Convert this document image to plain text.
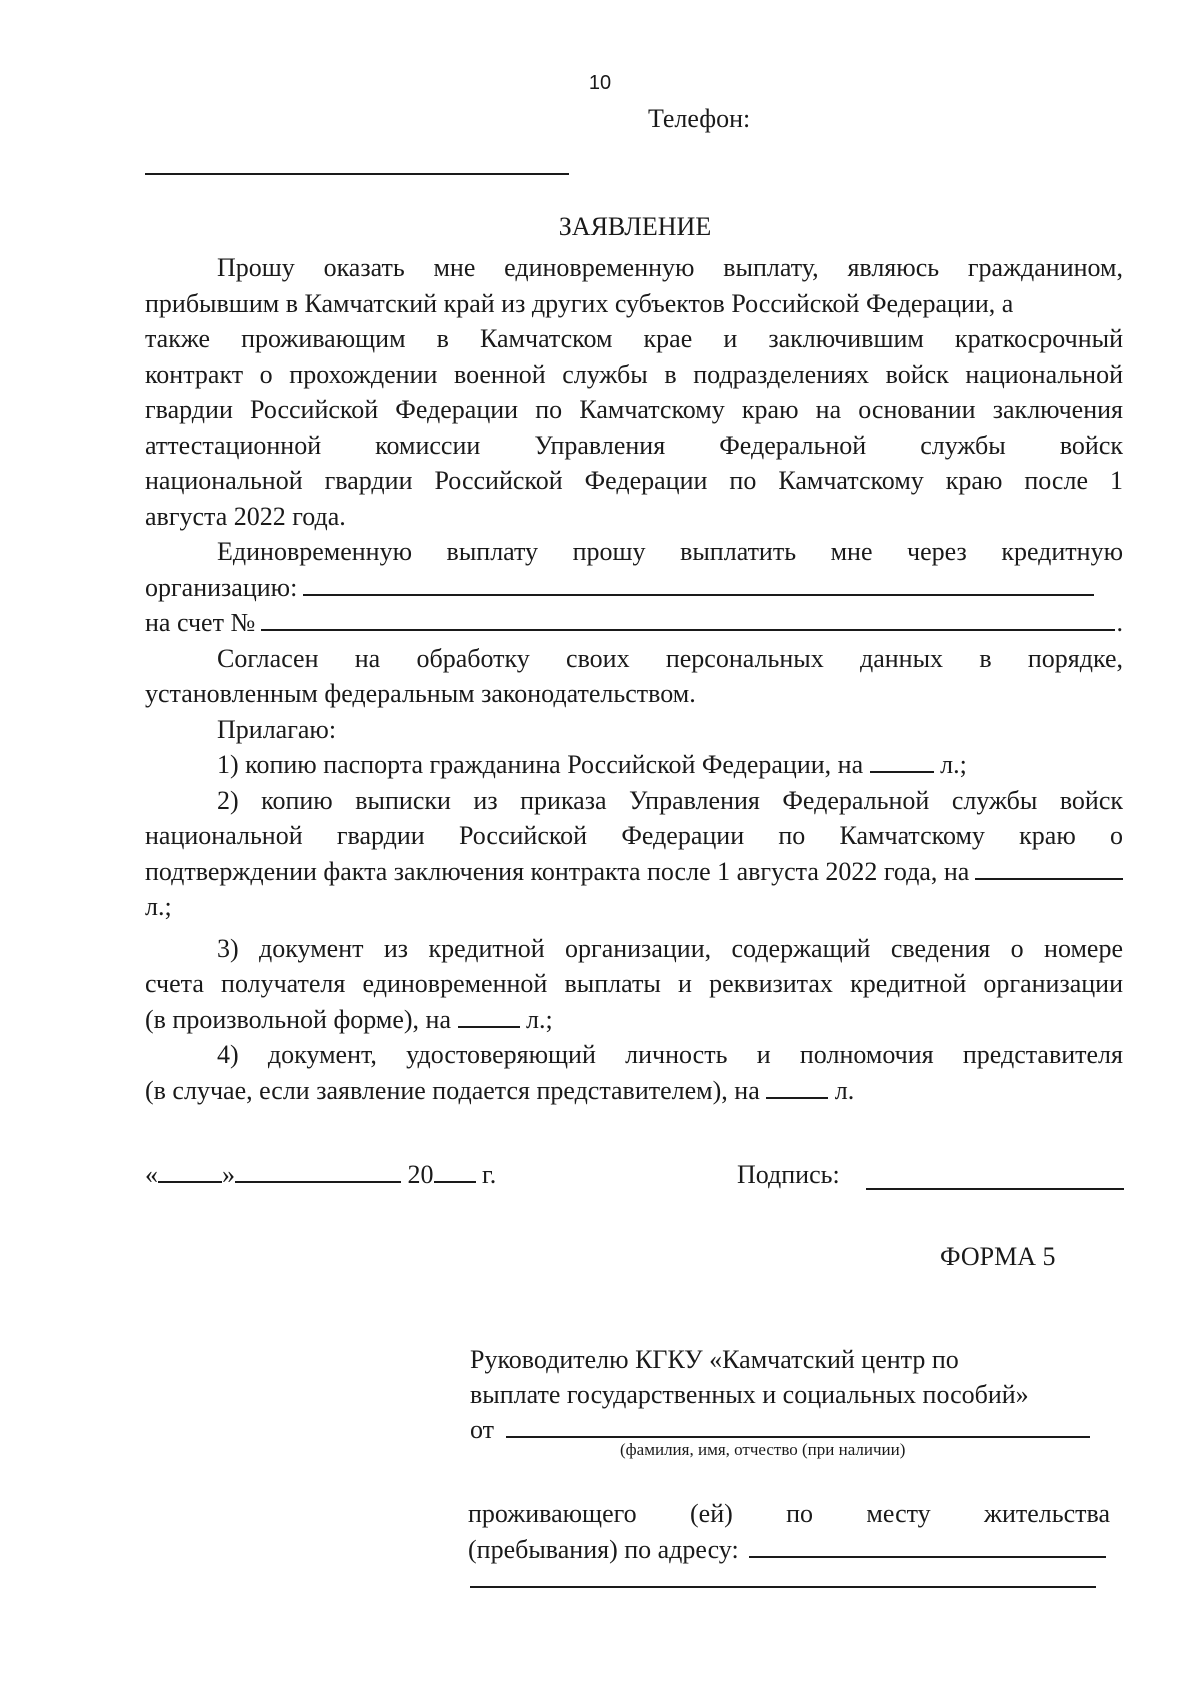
10
Телефон:
ЗАЯВЛЕНИЕ

Прошу оказать мне единовременную выплату, являюсь гражданином,

прибывшим в Камчатский край из других субъектов Российской Федерации, а

также проживающим в Камчатском крае и заключившим краткосрочный

контракт о прохождении военной службы в подразделениях войск национальной

гвардии Российской Федерации по Камчатскому краю на основании заключения

аттестационной комиссии Управления Федеральной службы войск

национальной гвардии Российской Федерации по Камчатскому краю после 1

августа 2022 года.

Единовременную выплату прошу выплатить мне через кредитную

организацию:
на счет №	.

Согласен на обработку своих персональных данных в порядке,

установленным федеральным законодательством.

Прилагаю:

1) копию паспорта гражданина Российской Федерации, на	л.;

2) копию выписки из приказа Управления Федеральной службы войск

национальной гвардии Российской Федерации по Камчатскому краю о

подтверждении факта заключения контракта после 1 августа 2022 года, на

л.;

3) документ из кредитной организации, содержащий сведения о номере

счета получателя единовременной выплаты и реквизитах кредитной организации

(в произвольной форме), на	л.;

4) документ, удостоверяющий личность и полномочия представителя

(в случае, если заявление подается представителем), на	л.

« »	20 г.	Подпись:
ФОРМА 5
Руководителю КГКУ «Камчатский центр по
выплате государственных и социальных пособий»
от
(фамилия, имя, отчество (при наличии)

проживающего (ей) по месту жительства

(пребывания) по адресу:
